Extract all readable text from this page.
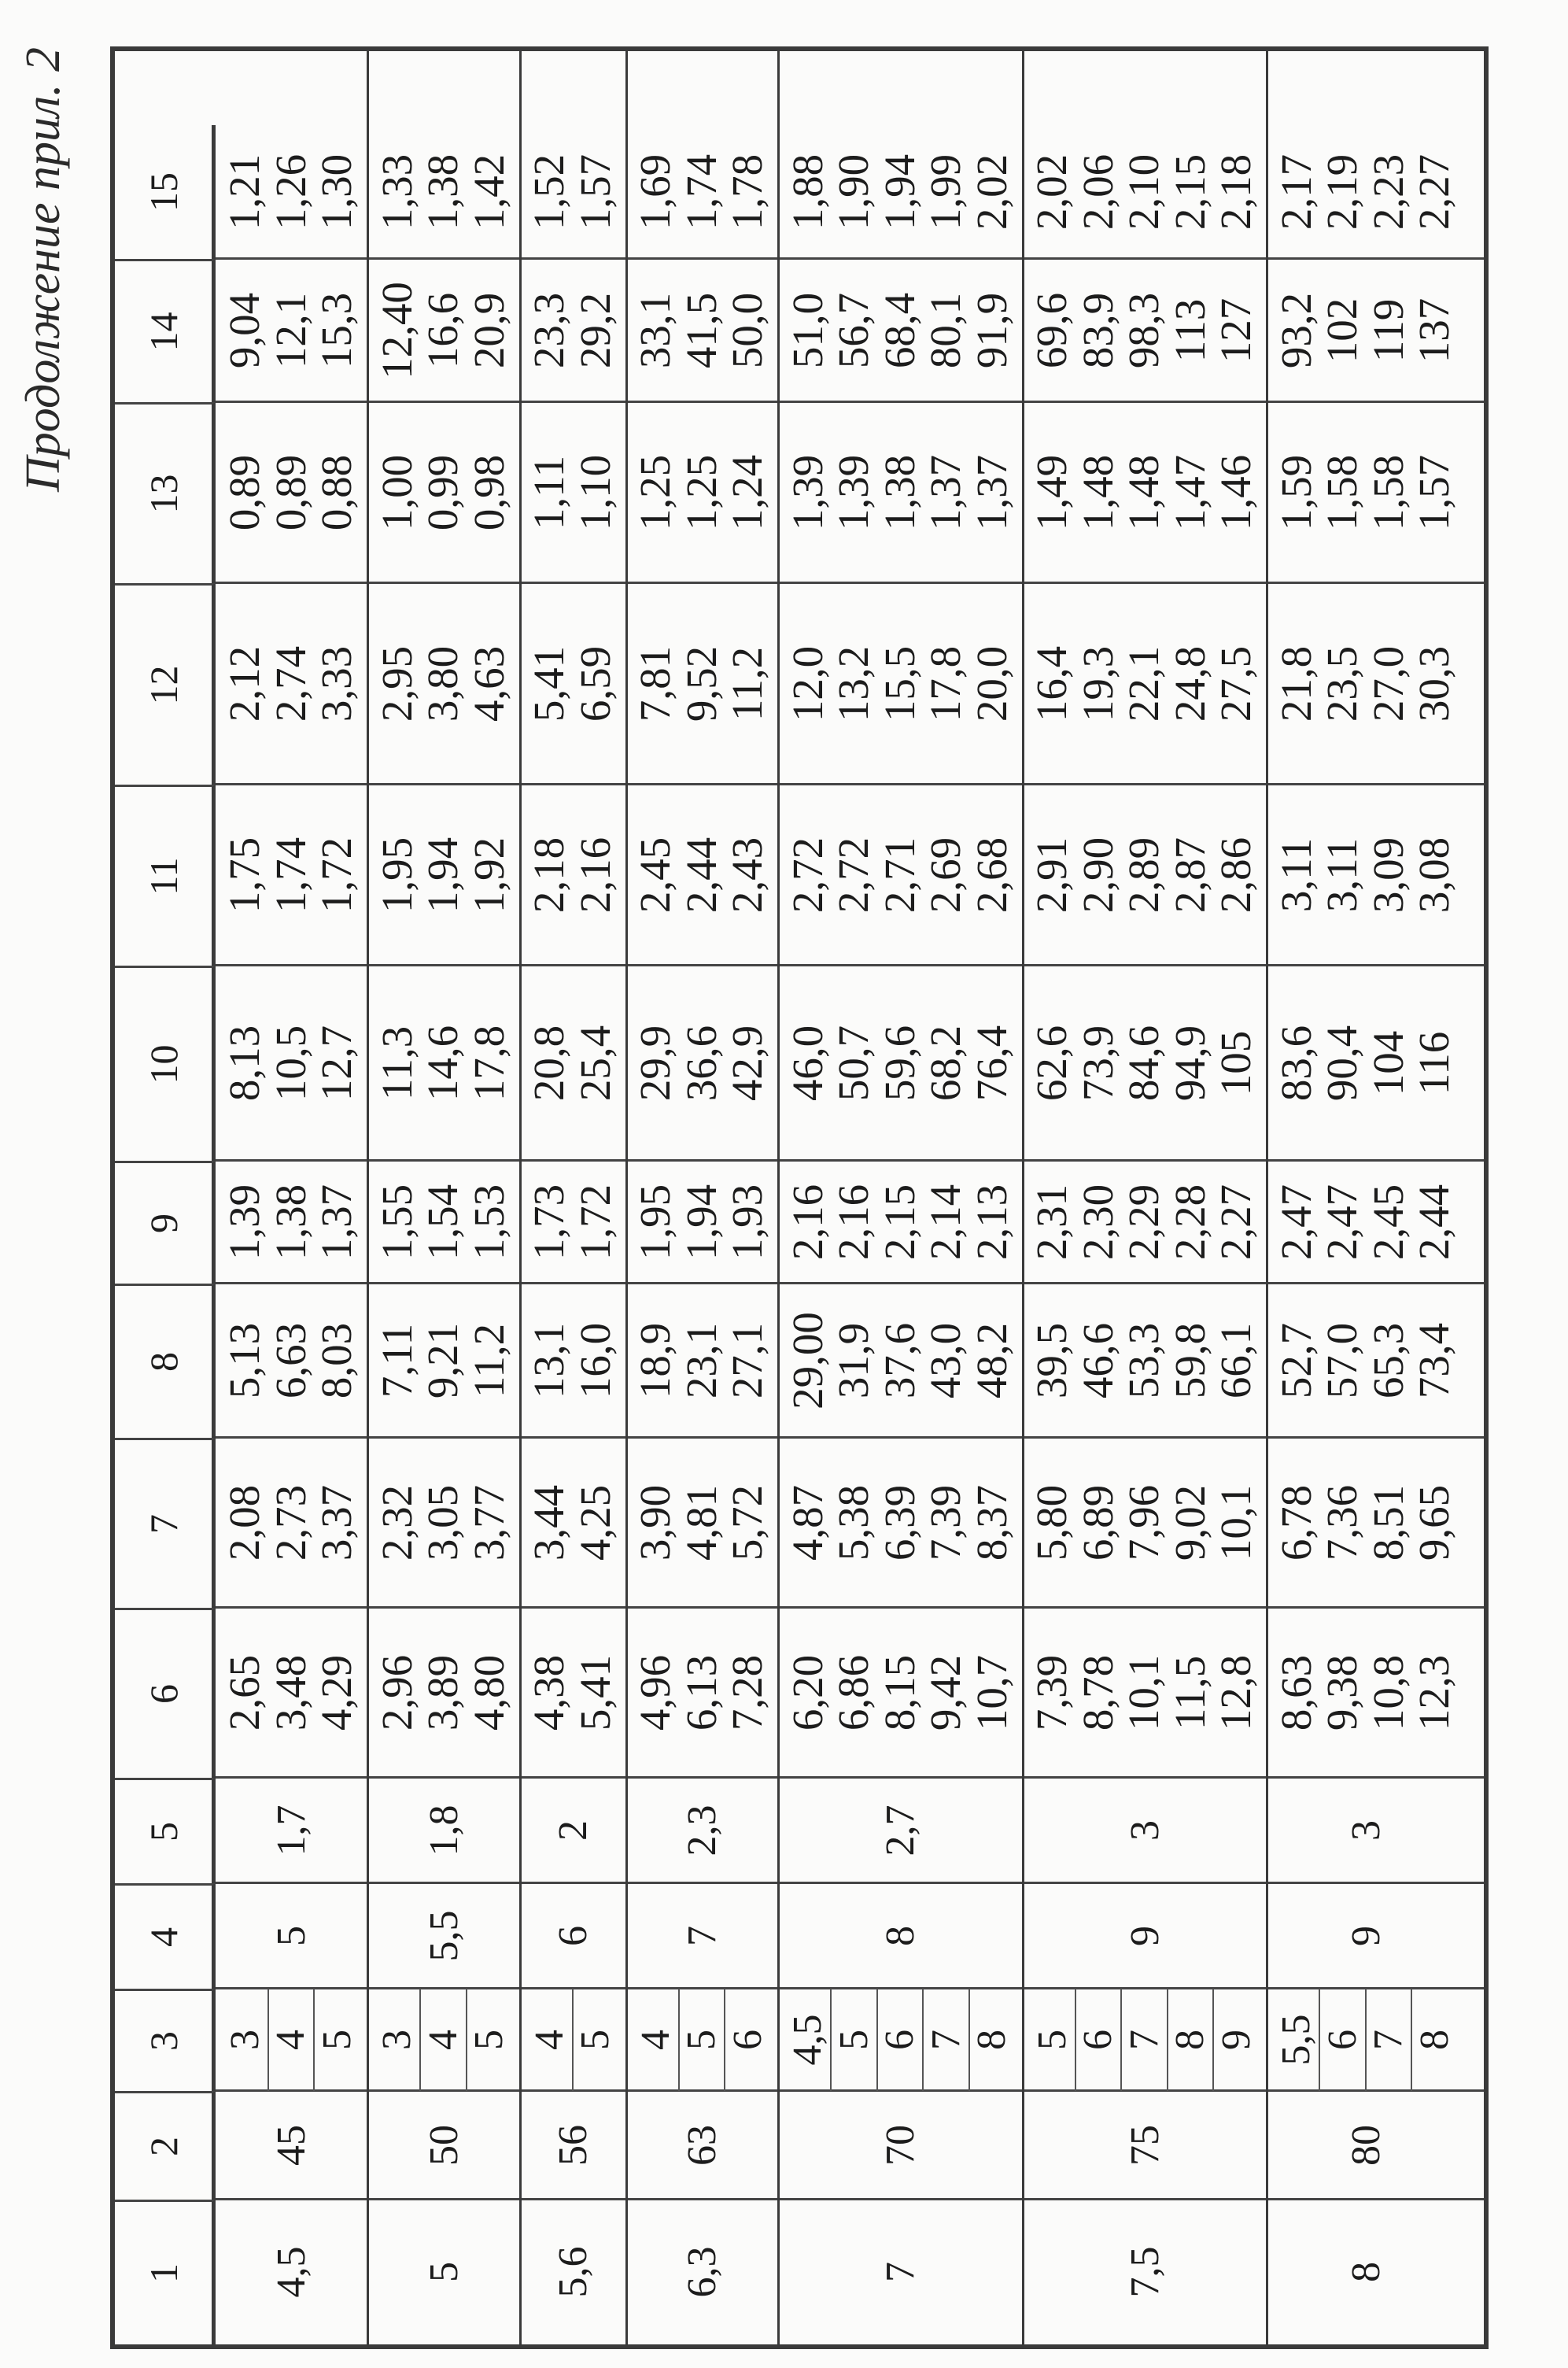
Продолжение прил. 2
1
2
3
4
5
6
7
8
9
10
11
12
13
14
15
4,5
45
5
1,7
3 4 5
2,65
3,48
4,29
2,08
2,73
3,37
5,13
6,63
8,03
1,39
1,38
1,37
8,13
10,5
12,7
1,75
1,74
1,72
2,12
2,74
3,33
0,89
0,89
0,88
9,04
12,1
15,3
1,21
1,26
1,30
5
50
5,5
1,8
3 4 5
2,96
3,89
4,80
2,32
3,05
3,77
7,11
9,21
11,2
1,55
1,54
1,53
11,3
14,6
17,8
1,95
1,94
1,92
2,95
3,80
4,63
1,00
0,99
0,98
12,40
16,6
20,9
1,33
1,38
1,42
5,6
56
6
2
4 5
4,38
5,41
3,44
4,25
13,1
16,0
1,73
1,72
20,8
25,4
2,18
2,16
5,41
6,59
1,11
1,10
23,3
29,2
1,52
1,57
6,3
63
7
2,3
4 5 6
4,96
6,13
7,28
3,90
4,81
5,72
18,9
23,1
27,1
1,95
1,94
1,93
29,9
36,6
42,9
2,45
2,44
2,43
7,81
9,52
11,2
1,25
1,25
1,24
33,1
41,5
50,0
1,69
1,74
1,78
7
70
8
2,7
4,5 5 6 7 8
6,20
6,86
8,15
9,42
10,7
4,87
5,38
6,39
7,39
8,37
29,00
31,9
37,6
43,0
48,2
2,16
2,16
2,15
2,14
2,13
46,0
50,7
59,6
68,2
76,4
2,72
2,72
2,71
2,69
2,68
12,0
13,2
15,5
17,8
20,0
1,39
1,39
1,38
1,37
1,37
51,0
56,7
68,4
80,1
91,9
1,88
1,90
1,94
1,99
2,02
7,5
75
9
3
5 6 7 8 9
7,39
8,78
10,1
11,5
12,8
5,80
6,89
7,96
9,02
10,1
39,5
46,6
53,3
59,8
66,1
2,31
2,30
2,29
2,28
2,27
62,6
73,9
84,6
94,9
105
2,91
2,90
2,89
2,87
2,86
16,4
19,3
22,1
24,8
27,5
1,49
1,48
1,48
1,47
1,46
69,6
83,9
98,3
113
127
2,02
2,06
2,10
2,15
2,18
8
80
9
3
5,5 6 7 8
8,63
9,38
10,8
12,3
6,78
7,36
8,51
9,65
52,7
57,0
65,3
73,4
2,47
2,47
2,45
2,44
83,6
90,4
104
116
3,11
3,11
3,09
3,08
21,8
23,5
27,0
30,3
1,59
1,58
1,58
1,57
93,2
102
119
137
2,17
2,19
2,23
2,27
